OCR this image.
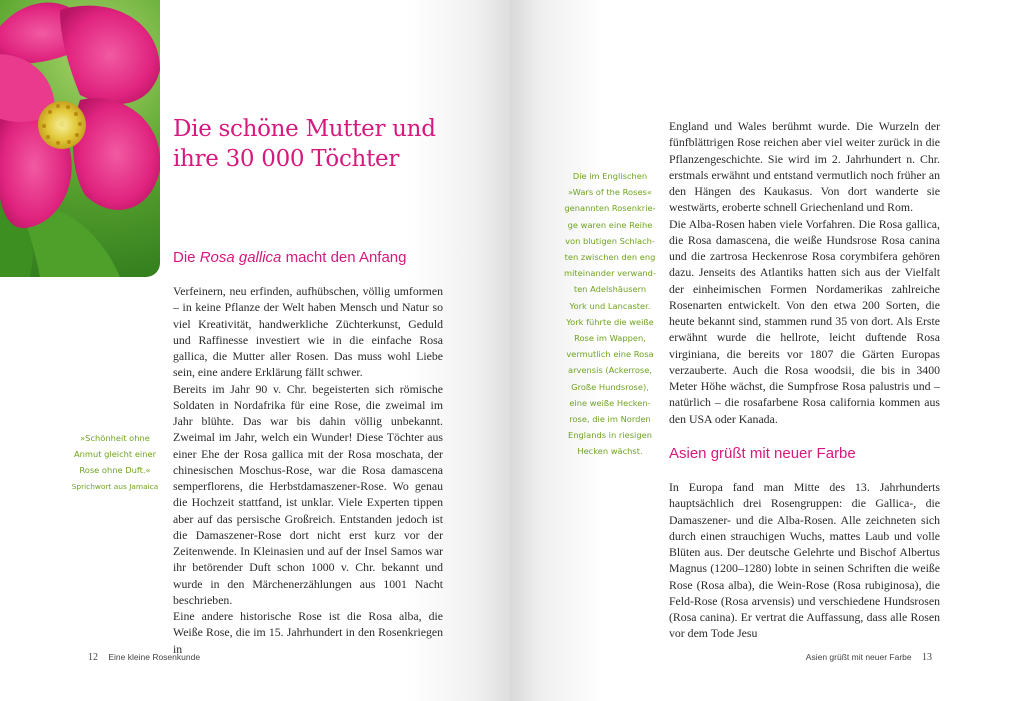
Die schöne Mutter und
ihre 30 000 Töchter
Die Rosa gallica macht den Anfang

Verfeinern, neu erfinden, aufhübschen, völlig umformen – in keine Pflanze der Welt haben Mensch und Natur so viel Kreativität, handwerkliche Züchterkunst, Geduld und Raffinesse investiert wie in die einfache Rosa gallica, die Mutter aller Rosen. Das muss wohl Liebe sein, eine andere Erklärung fällt schwer.

Bereits im Jahr 90 v. Chr. begeisterten sich römische Soldaten in Nordafrika für eine Rose, die zweimal im Jahr blühte. Das war bis dahin völlig unbekannt. Zweimal im Jahr, welch ein Wunder! Diese Töchter aus einer Ehe der Rosa gallica mit der Rosa moschata, der chinesischen Moschus-Rose, war die Rosa damascena semperflorens, die Herbstdamaszener-Rose. Wo genau die Hochzeit stattfand, ist unklar. Viele Experten tippen aber auf das persische Großreich. Entstanden jedoch ist die Damaszener-Rose dort nicht erst kurz vor der Zeitenwende. In Kleinasien und auf der Insel Samos war ihr betörender Duft schon 1000 v. Chr. bekannt und wurde in den Märchenerzählungen aus 1001 Nacht beschrieben.

Eine andere historische Rose ist die Rosa alba, die Weiße Rose, die im 15. Jahrhundert in den Rosenkriegen in

»Schönheit ohne
Anmut gleicht einer
Rose ohne Duft.«
Sprichwort aus Jamaica
12 Eine kleine Rosenkunde
Die im Englischen
»Wars of the Roses«
genannten Rosenkrie-
ge waren eine Reihe
von blutigen Schlach-
ten zwischen den eng
miteinander verwand-
ten Adelshäusern
York und Lancaster.
York führte die weiße
Rose im Wappen,
vermutlich eine Rosa
arvensis (Ackerrose,
Große Hundsrose),
eine weiße Hecken-
rose, die im Norden
Englands in riesigen
Hecken wächst.

England und Wales berühmt wurde. Die Wurzeln der fünfblättrigen Rose reichen aber viel weiter zurück in die Pflanzengeschichte. Sie wird im 2. Jahrhundert n. Chr. erstmals erwähnt und entstand vermutlich noch früher an den Hängen des Kaukasus. Von dort wanderte sie westwärts, eroberte schnell Griechenland und Rom.

Die Alba-Rosen haben viele Vorfahren. Die Rosa gallica, die Rosa damascena, die weiße Hundsrose Rosa canina und die zartrosa Heckenrose Rosa corymbifera gehören dazu. Jenseits des Atlantiks hatten sich aus der Vielfalt der einheimischen Formen Nordamerikas zahlreiche Rosenarten entwickelt. Von den etwa 200 Sorten, die heute bekannt sind, stammen rund 35 von dort. Als Erste erwähnt wurde die hellrote, leicht duftende Rosa virginiana, die bereits vor 1807 die Gärten Europas verzauberte. Auch die Rosa woodsii, die bis in 3400 Meter Höhe wächst, die Sumpfrose Rosa palustris und – natürlich – die rosafarbene Rosa california kommen aus den USA oder Kanada.

Asien grüßt mit neuer Farbe

In Europa fand man Mitte des 13. Jahrhunderts hauptsächlich drei Rosengruppen: die Gallica-, die Damaszener- und die Alba-Rosen. Alle zeichneten sich durch einen strauchigen Wuchs, mattes Laub und volle Blüten aus. Der deutsche Gelehrte und Bischof Albertus Magnus (1200–1280) lobte in seinen Schriften die weiße Rose (Rosa alba), die Wein-Rose (Rosa rubiginosa), die Feld-Rose (Rosa arvensis) und verschiedene Hundsrosen (Rosa canina). Er vertrat die Auffassung, dass alle Rosen vor dem Tode Jesu

Asien grüßt mit neuer Farbe 13
